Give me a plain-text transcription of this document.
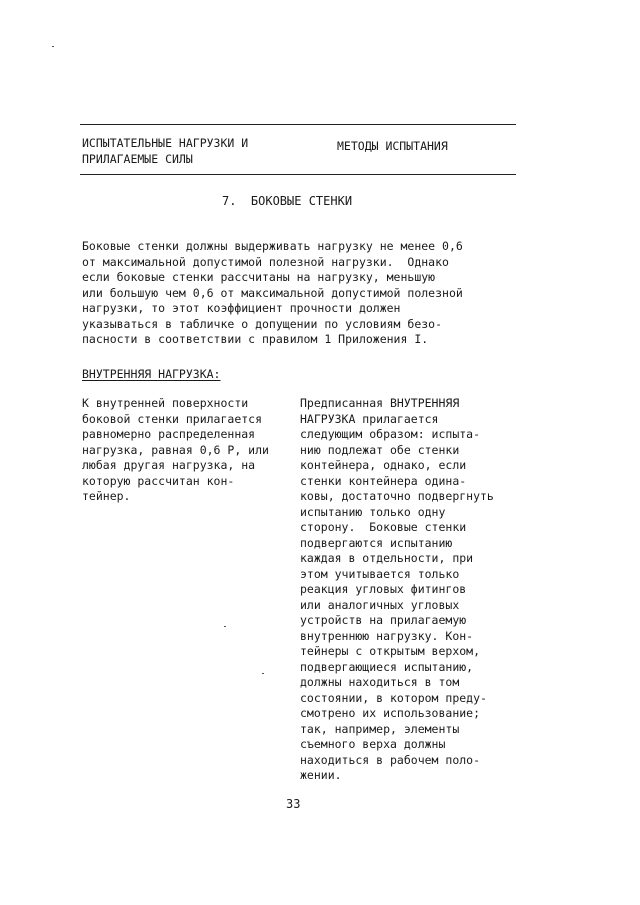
ИСПЫТАТЕЛЬНЫЕ НАГРУЗКИ И
ПРИЛАГАЕМЫЕ СИЛЫ
МЕТОДЫ ИСПЫТАНИЯ
7.  БОКОВЫЕ СТЕНКИ
Боковые стенки должны выдерживать нагрузку не менее 0,6
от максимальной допустимой полезной нагрузки.  Однако
если боковые стенки рассчитаны на нагрузку, меньшую
или большую чем 0,6 от максимальной допустимой полезной
нагрузки, то этот коэффициент прочности должен
указываться в табличке о допущении по условиям безо-
пасности в соответствии с правилом 1 Приложения I.
ВНУТРЕННЯЯ НАГРУЗКА:
К внутренней поверхности
боковой стенки прилагается
равномерно распределенная
нагрузка, равная 0,6 Р, или
любая другая нагрузка, на
которую рассчитан кон-
тейнер.
Предписанная ВНУТРЕННЯЯ
НАГРУЗКА прилагается
следующим образом: испыта-
нию подлежат обе стенки
контейнера, однако, если
стенки контейнера одина-
ковы, достаточно подвергнуть
испытанию только одну
сторону.  Боковые стенки
подвергаются испытанию
каждая в отдельности, при
этом учитывается только
реакция угловых фитингов
или аналогичных угловых
устройств на прилагаемую
внутреннюю нагрузку. Кон-
тейнеры с открытым верхом,
подвергающиеся испытанию,
должны находиться в том
состоянии, в котором преду-
смотрено их использование;
так, например, элементы
съемного верха должны
находиться в рабочем поло-
жении.
33
